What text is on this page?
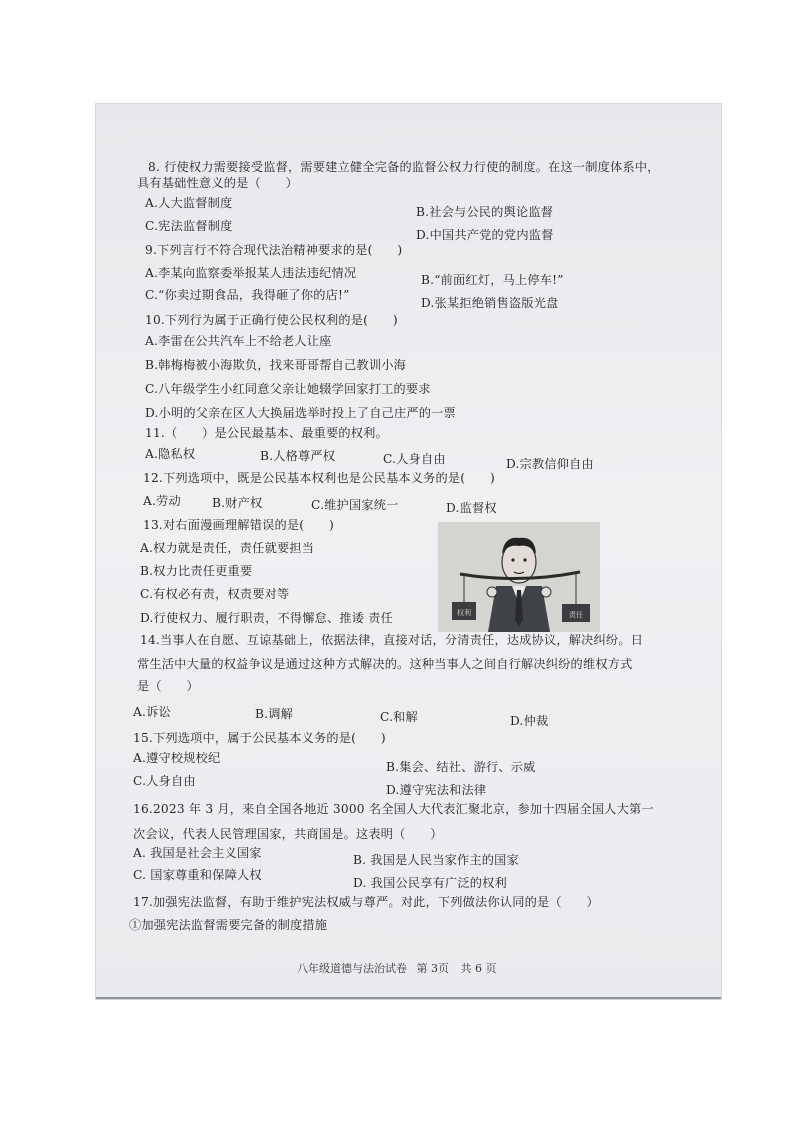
8. 行使权力需要接受监督，需要建立健全完备的监督公权力行使的制度。在这一制度体系中，
具有基础性意义的是（　　）
A.人大监督制度
B.社会与公民的舆论监督
C.宪法监督制度
D.中国共产党的党内监督
9.下列言行不符合现代法治精神要求的是(　　)
A.李某向监察委举报某人违法违纪情况	B.“前面红灯，马上停车!”
C.“你卖过期食品，我得砸了你的店!”
D.张某拒绝销售盗版光盘
10.下列行为属于正确行使公民权利的是(　　)
A.李雷在公共汽车上不给老人让座
B.韩梅梅被小海欺负，找来哥哥帮自己教训小海
C.八年级学生小红同意父亲让她辍学回家打工的要求
D.小明的父亲在区人大换届选举时投上了自己庄严的一票
11.（　　）是公民最基本、最重要的权利。
A.隐私权	B.人格尊严权	C.人身自由	D.宗教信仰自由
12.下列选项中，既是公民基本权利也是公民基本义务的是(　　)
A.劳动	B.财产权	C.维护国家统一	D.监督权
13.对右面漫画理解错误的是(　　)
A.权力就是责任，责任就要担当
B.权力比责任更重要
C.有权必有责，权责要对等
D.行使权力、履行职责，不得懈怠、推诿 责任	权利	责任
14.当事人在自愿、互谅基础上，依据法律，直接对话，分清责任，达成协议，解决纠纷。日
常生活中大量的权益争议是通过这种方式解决的。这种当事人之间自行解决纠纷的维权方式
是（　　）
A.诉讼	B.调解	C.和解	D.仲裁
15.下列选项中，属于公民基本义务的是(　　)
A.遵守校规校纪
B.集会、结社、游行、示威
C.人身自由
D.遵守宪法和法律
16.2023 年 3 月，来自全国各地近 3000 名全国人大代表汇聚北京，参加十四届全国人大第一
次会议，代表人民管理国家，共商国是。这表明（　　）
A. 我国是社会主义国家	B. 我国是人民当家作主的国家
C. 国家尊重和保障人权
D. 我国公民享有广泛的权利
17.加强宪法监督，有助于维护宪法权威与尊严。对此，下列做法你认同的是（　　）
①加强宪法监督需要完备的制度措施
八年级道德与法治试卷 第 3页 共 6 页
